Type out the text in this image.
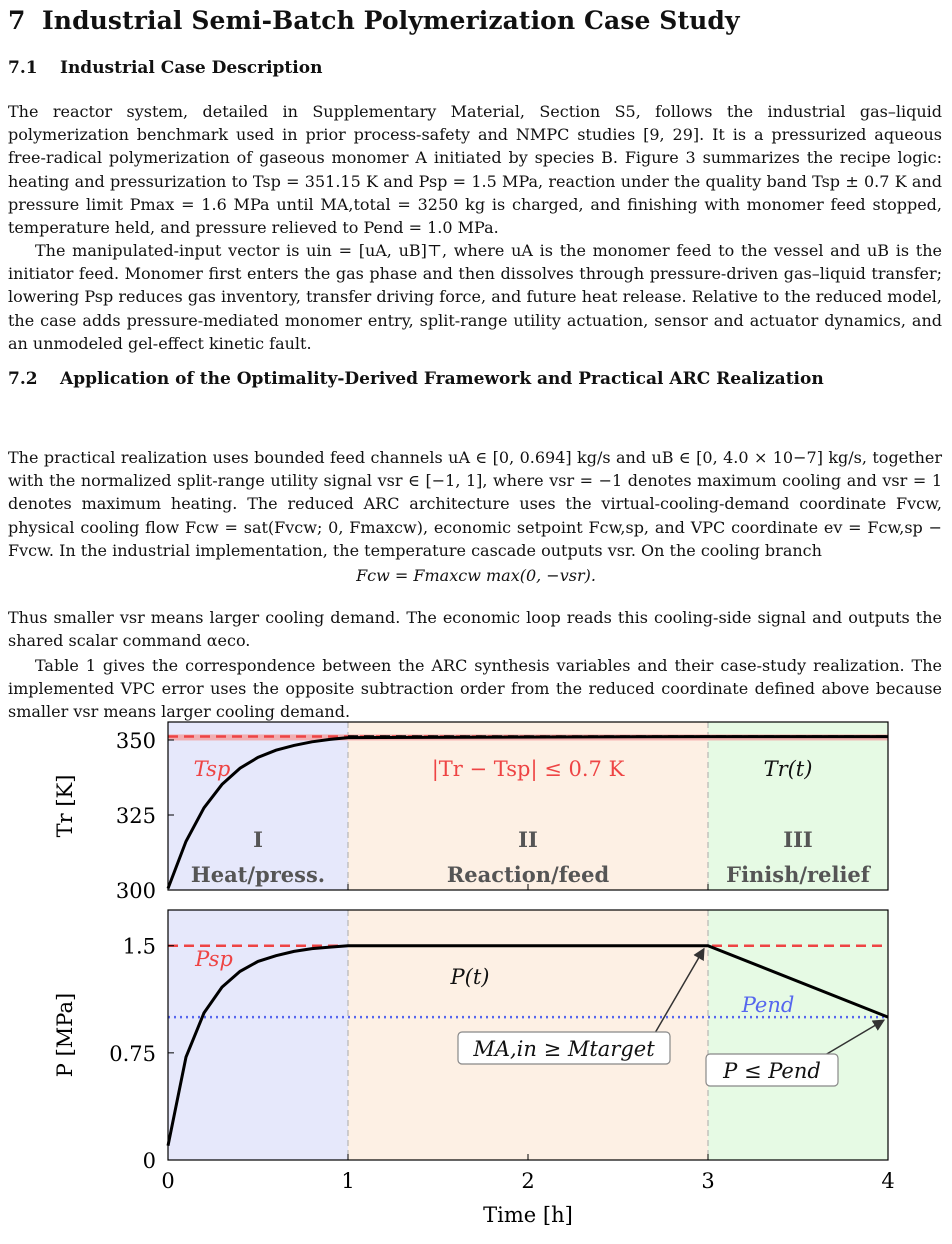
7 Industrial Semi-Batch Polymerization Case Study
7.1 Industrial Case Description
The reactor system, detailed in Supplementary Material, Section S5, follows the industrial gas–liquid polymerization benchmark used in prior process-safety and NMPC studies [9, 29]. It is a pressurized aqueous free-radical polymerization of gaseous monomer A initiated by species B. Figure 3 summarizes the recipe logic: heating and pressurization to Tsp = 351.15 K and Psp = 1.5 MPa, reaction under the quality band Tsp ± 0.7 K and pressure limit Pmax = 1.6 MPa until MA,total = 3250 kg is charged, and finishing with monomer feed stopped, temperature held, and pressure relieved to Pend = 1.0 MPa.
The manipulated-input vector is uin = [uA, uB]⊤, where uA is the monomer feed to the vessel and uB is the initiator feed. Monomer first enters the gas phase and then dissolves through pressure-driven gas–liquid transfer; lowering Psp reduces gas inventory, transfer driving force, and future heat release. Relative to the reduced model, the case adds pressure-mediated monomer entry, split-range utility actuation, sensor and actuator dynamics, and an unmodeled gel-effect kinetic fault.
7.2	Application of the Optimality-Derived Framework and Practical ARC Realization
The practical realization uses bounded feed channels uA ∈ [0, 0.694] kg/s and uB ∈ [0, 4.0 × 10−7] kg/s, together with the normalized split-range utility signal vsr ∈ [−1, 1], where vsr = −1 denotes maximum cooling and vsr = 1 denotes maximum heating. The reduced ARC architecture uses the virtual-cooling-demand coordinate Fvcw, physical cooling flow Fcw = sat(Fvcw; 0, Fmaxcw), economic setpoint Fcw,sp, and VPC coordinate ev = Fcw,sp − Fvcw. In the industrial implementation, the temperature cascade outputs vsr. On the cooling branch
Fcw = Fmaxcw max(0, −vsr).
Thus smaller vsr means larger cooling demand. The economic loop reads this cooling-side signal and outputs the shared scalar command αeco.
Table 1 gives the correspondence between the ARC synthesis variables and their case-study realization. The implemented VPC error uses the opposite subtraction order from the reduced coordinate defined above because smaller vsr means larger cooling demand.
I
Heat/press.
II
Reaction/feed
III
Finish/relief
Tsp	|Tr − Tsp| ≤ 0.7 K	Tr(t)
300
325
350
Tr [K]
Psp
Pend
P(t)
MA,in ≥ Mtarget
P ≤ Pend
0
0.75
1.5
0	1	2	3	4
Time [h]
P [MPa]
